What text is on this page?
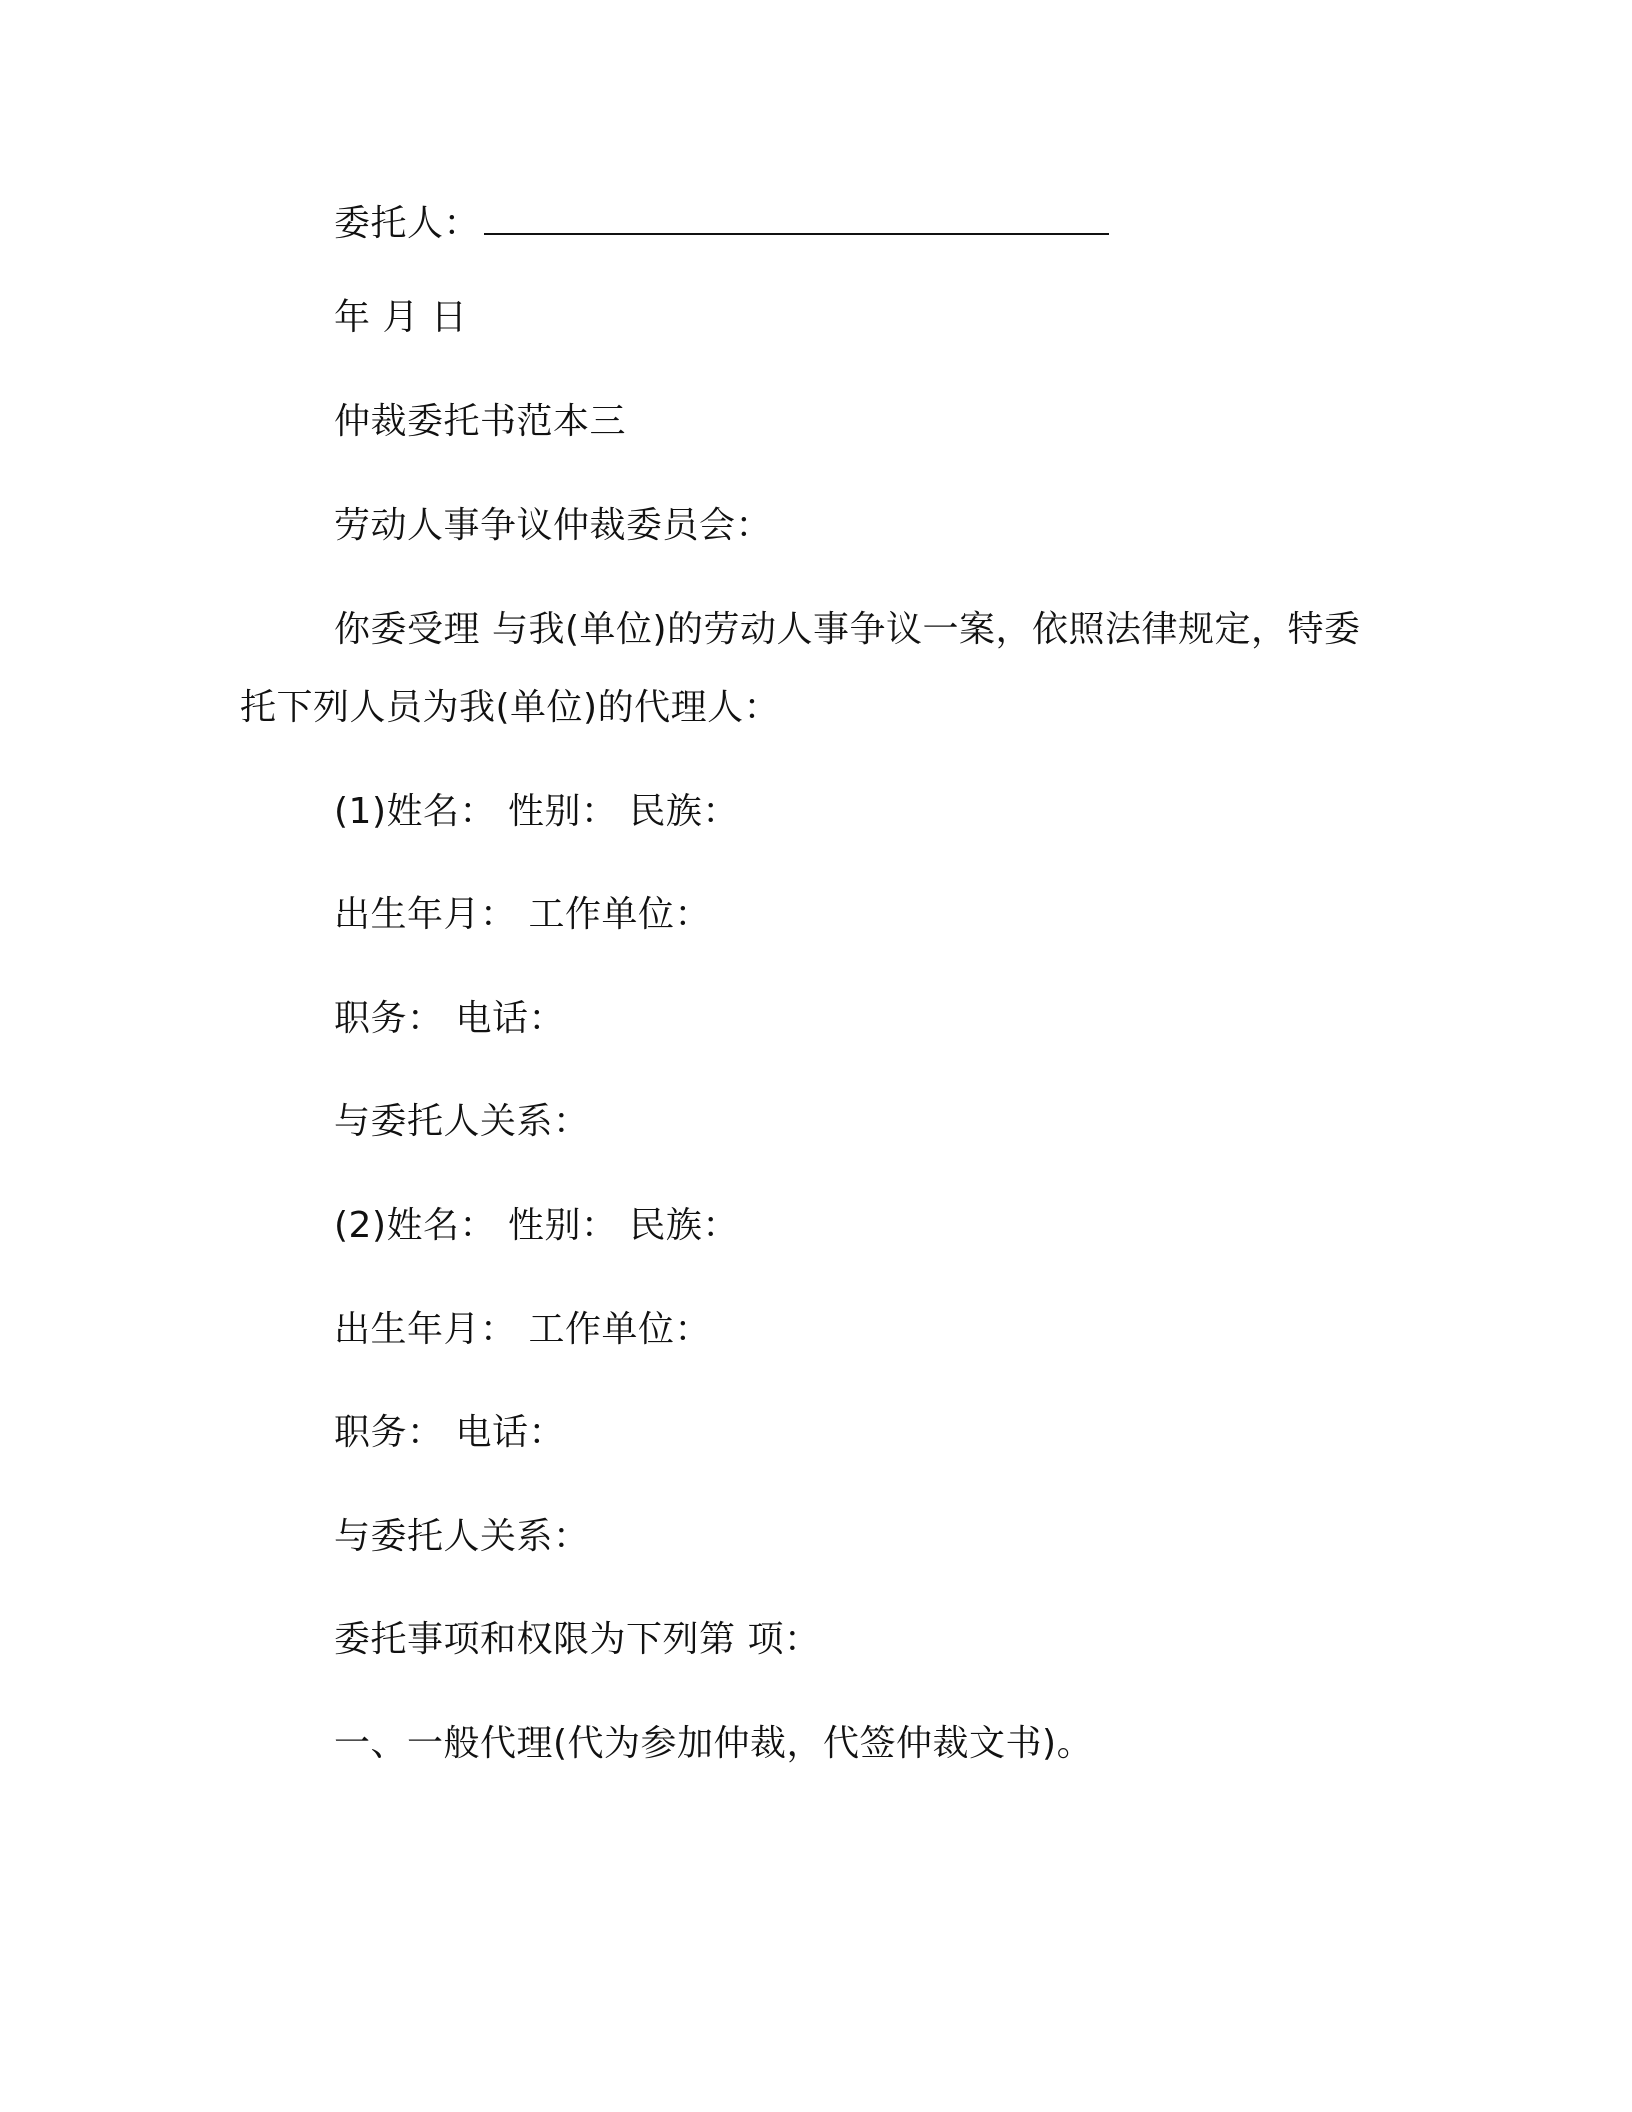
委托人：
年 月 日
仲裁委托书范本三
劳动人事争议仲裁委员会：
你委受理 与我(单位)的劳动人事争议一案，依照法律规定，特委
托下列人员为我(单位)的代理人：
(1)姓名： 性别： 民族：
出生年月： 工作单位：
职务： 电话：
与委托人关系：
(2)姓名： 性别： 民族：
出生年月： 工作单位：
职务： 电话：
与委托人关系：
委托事项和权限为下列第 项：
一、一般代理(代为参加仲裁，代签仲裁文书)。
